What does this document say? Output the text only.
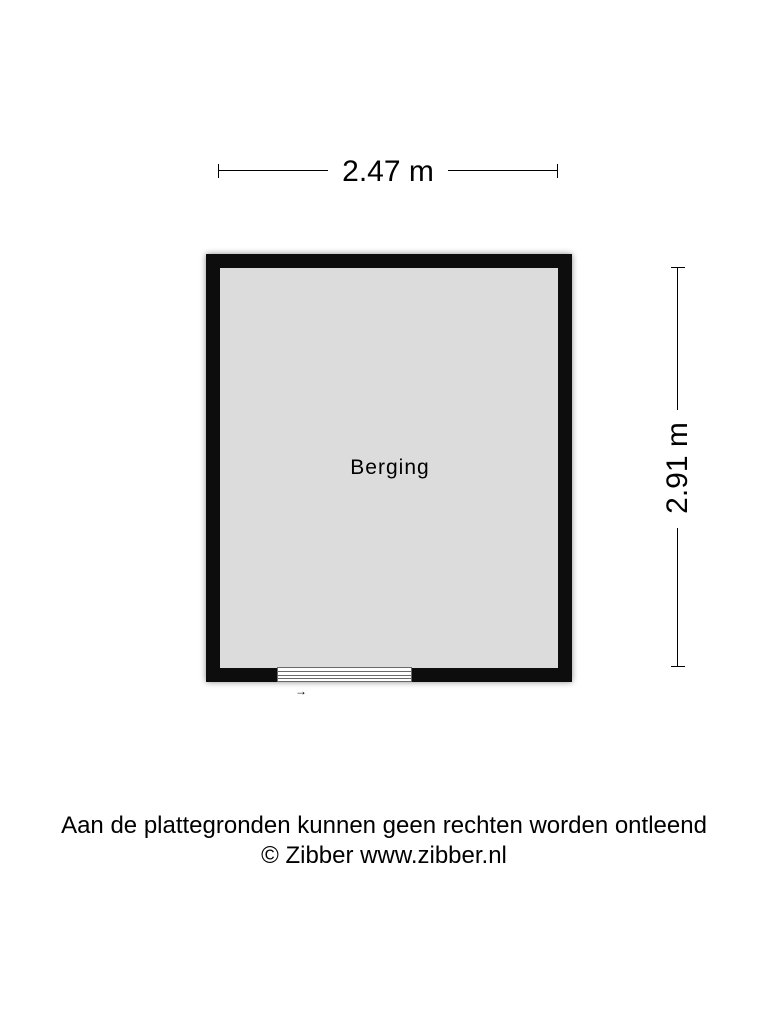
2.47 m
2.91 m
Berging
→
Aan de plattegronden kunnen geen rechten worden ontleend
© Zibber www.zibber.nl
